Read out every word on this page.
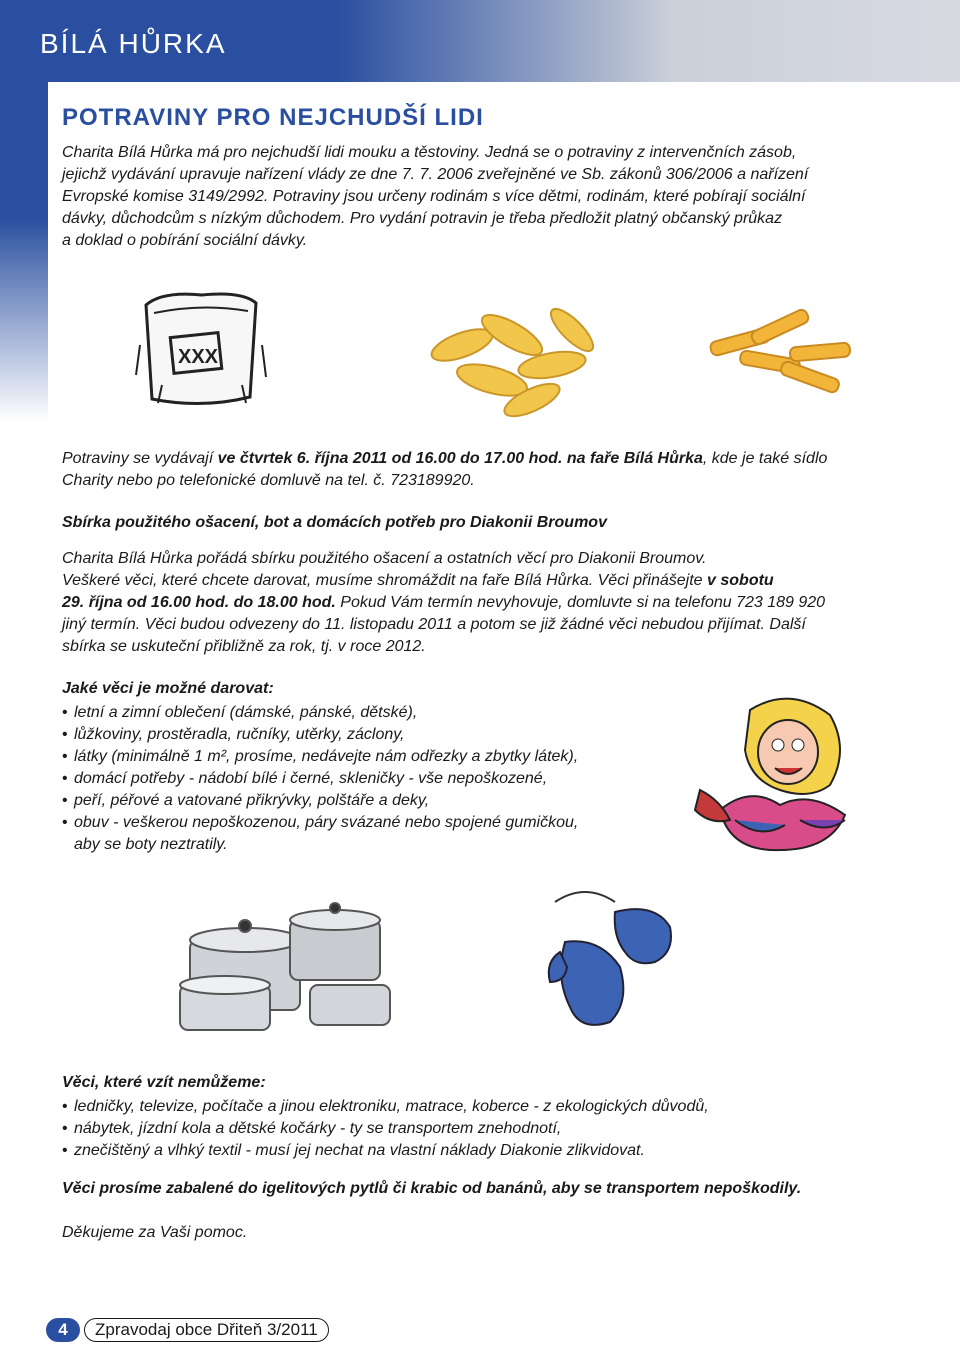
BÍLÁ HŮRKA
POTRAVINY PRO NEJCHUDŠÍ LIDI

Charita Bílá Hůrka má pro nejchudší lidi mouku a těstoviny. Jedná se o potraviny z intervenčních zásob,

jejichž vydávání upravuje nařízení vlády ze dne 7. 7. 2006 zveřejněné ve Sb. zákonů 306/2006 a nařízení

Evropské komise 3149/2992. Potraviny jsou určeny rodinám s více dětmi, rodinám, které pobírají sociální

dávky, důchodcům s nízkým důchodem. Pro vydání potravin je třeba předložit platný občanský průkaz

a doklad o pobírání sociální dávky.

XXX

Potraviny se vydávají ve čtvrtek 6. října 2011 od 16.00 do 17.00 hod. na faře Bílá Hůrka, kde je také sídlo

Charity nebo po telefonické domluvě na tel. č. 723189920.

Sbírka použitého ošacení, bot a domácích potřeb pro Diakonii Broumov

Charita Bílá Hůrka pořádá sbírku použitého ošacení a ostatních věcí pro Diakonii Broumov.

Veškeré věci, které chcete darovat, musíme shromáždit na faře Bílá Hůrka. Věci přinášejte v sobotu

29. října od 16.00 hod. do 18.00 hod. Pokud Vám termín nevyhovuje, domluvte si na telefonu 723 189 920

jiný termín. Věci budou odvezeny do 11. listopadu 2011 a potom se již žádné věci nebudou přijímat. Další

sbírka se uskuteční přibližně za rok, tj. v roce 2012.

Jaké věci je možné darovat:

• letní a zimní oblečení (dámské, pánské, dětské),
• lůžkoviny, prostěradla, ručníky, utěrky, záclony,
• látky (minimálně 1 m², prosíme, nedávejte nám odřezky a zbytky látek),
• domácí potřeby - nádobí bílé i černé, skleničky - vše nepoškozené,
• peří, péřové a vatované přikrývky, polštáře a deky,
• obuv - veškerou nepoškozenou, páry svázané nebo spojené gumičkou,

aby se boty neztratily.

Věci, které vzít nemůžeme:

• ledničky, televize, počítače a jinou elektroniku, matrace, koberce - z ekologických důvodů,
• nábytek, jízdní kola a dětské kočárky - ty se transportem znehodnotí,
• znečištěný a vlhký textil - musí jej nechat na vlastní náklady Diakonie zlikvidovat.

Věci prosíme zabalené do igelitových pytlů či krabic od banánů, aby se transportem nepoškodily.

Děkujeme za Vaši pomoc.

4	Zpravodaj obce Dřiteň 3/2011
